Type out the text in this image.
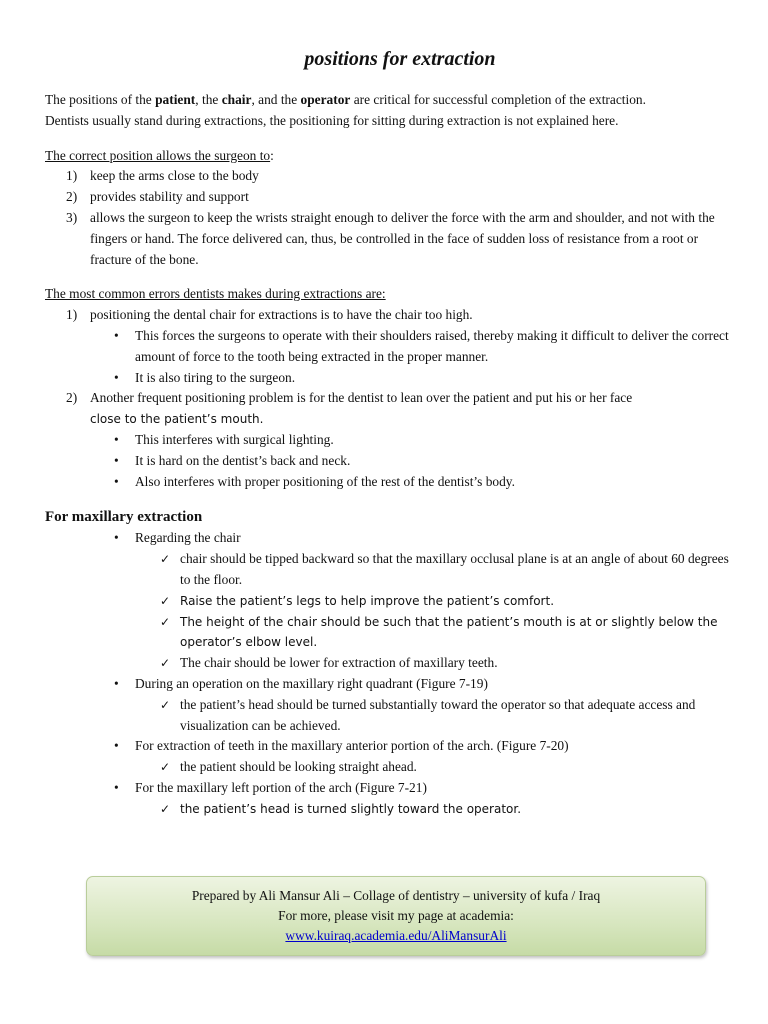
positions for extraction

The positions of the patient, the chair, and the operator are critical for successful completion of the extraction.
Dentists usually stand during extractions, the positioning for sitting during extraction is not explained here.

The correct position allows the surgeon to:

1) keep the arms close to the body
2) provides stability and support
3) allows the surgeon to keep the wrists straight enough to deliver the force with the arm and shoulder, and not with the fingers or hand. The force delivered can, thus, be controlled in the face of sudden loss of resistance from a root or fracture of the bone.

The most common errors dentists makes during extractions are:

1) positioning the dental chair for extractions is to have the chair too high.
• This forces the surgeons to operate with their shoulders raised, thereby making it difficult to deliver the correct amount of force to the tooth being extracted in the proper manner.
• It is also tiring to the surgeon.
2) Another frequent positioning problem is for the dentist to lean over the patient and put his or her face
close to the patient’s mouth.
• This interferes with surgical lighting.
• It is hard on the dentist’s back and neck.
• Also interferes with proper positioning of the rest of the dentist’s body.
For maxillary extraction
• Regarding the chair
✓ chair should be tipped backward so that the maxillary occlusal plane is at an angle of about 60 degrees to the floor.
✓ Raise the patient’s legs to help improve the patient’s comfort.
✓ The height of the chair should be such that the patient’s mouth is at or slightly below the operator’s elbow level.
✓ The chair should be lower for extraction of maxillary teeth.
• During an operation on the maxillary right quadrant (Figure 7-19)
✓ the patient’s head should be turned substantially toward the operator so that adequate access and visualization can be achieved.
• For extraction of teeth in the maxillary anterior portion of the arch. (Figure 7-20)
✓ the patient should be looking straight ahead.
• For the maxillary left portion of the arch (Figure 7-21)
✓ the patient’s head is turned slightly toward the operator.
Prepared by Ali Mansur Ali – Collage of dentistry – university of kufa / Iraq
For more, please visit my page at academia:
www.kuiraq.academia.edu/AliMansurAli
